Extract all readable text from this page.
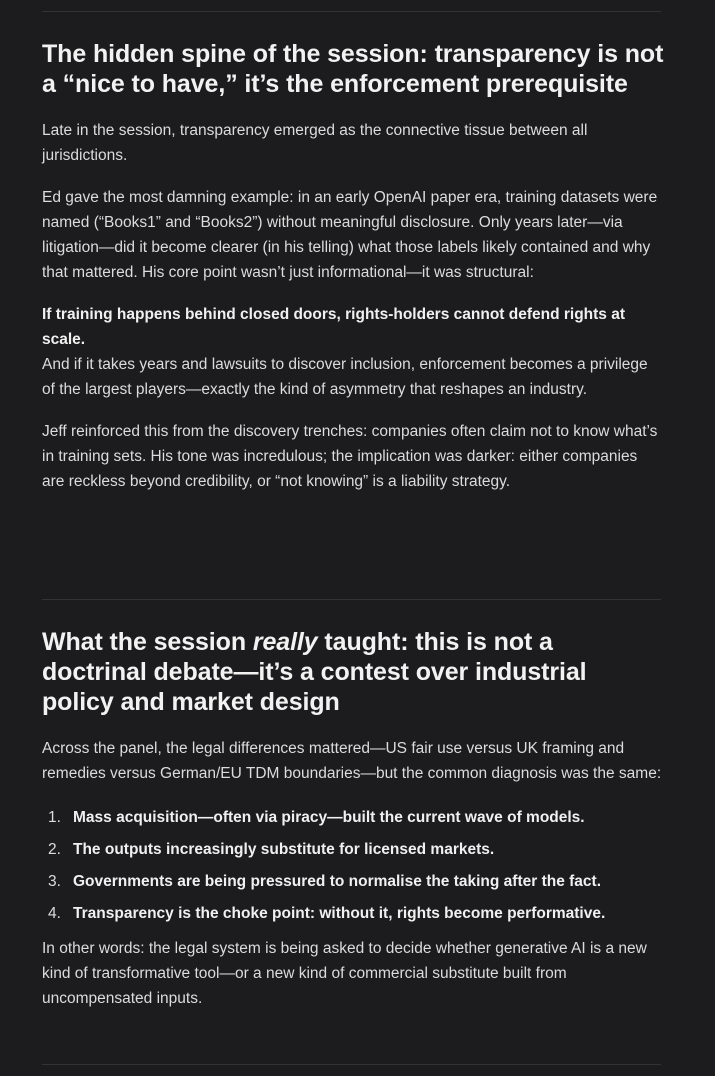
The hidden spine of the session: transparency is not a “nice to have,” it’s the enforcement prerequisite

Late in the session, transparency emerged as the connective tissue between all jurisdictions.

Ed gave the most damning example: in an early OpenAI paper era, training datasets were named (“Books1” and “Books2”) without meaningful disclosure. Only years later—via litigation—did it become clearer (in his telling) what those labels likely contained and why that mattered. His core point wasn’t just informational—it was structural:

If training happens behind closed doors, rights-holders cannot defend rights at scale.

And if it takes years and lawsuits to discover inclusion, enforcement becomes a privilege of the largest players—exactly the kind of asymmetry that reshapes an industry.

Jeff reinforced this from the discovery trenches: companies often claim not to know what’s in training sets. His tone was incredulous; the implication was darker: either companies are reckless beyond credibility, or “not knowing” is a liability strategy.

What the session really taught: this is not a doctrinal debate—it’s a contest over industrial policy and market design

Across the panel, the legal differences mattered—US fair use versus UK framing and remedies versus German/EU TDM boundaries—but the common diagnosis was the same:

1. Mass acquisition—often via piracy—built the current wave of models.
2. The outputs increasingly substitute for licensed markets.
3. Governments are being pressured to normalise the taking after the fact.
4. Transparency is the choke point: without it, rights become performative.

In other words: the legal system is being asked to decide whether generative AI is a new kind of transformative tool—or a new kind of commercial substitute built from uncompensated inputs.
